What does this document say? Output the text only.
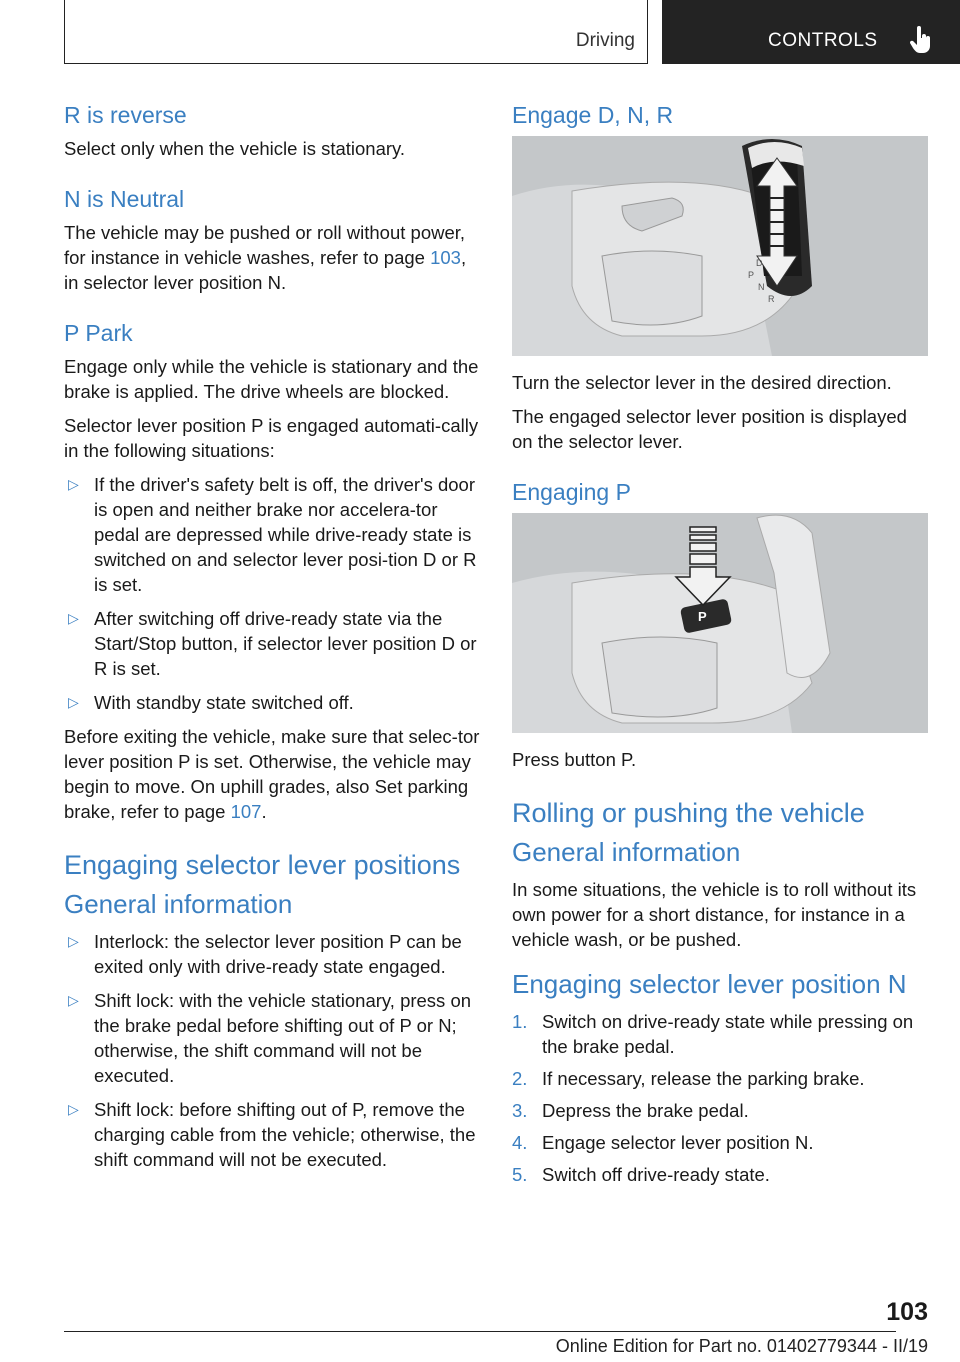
Driving	CONTROLS
R is reverse

Select only when the vehicle is stationary.

N is Neutral

The vehicle may be pushed or roll without power, for instance in vehicle washes, refer to page 103, in selector lever position N.

P Park

Engage only while the vehicle is stationary and the brake is applied. The drive wheels are blocked.

Selector lever position P is engaged automati‐cally in the following situations:

▷ If the driver's safety belt is off, the driver's door is open and neither brake nor accelera‐tor pedal are depressed while drive-ready state is switched on and selector lever posi‐tion D or R is set.
▷ After switching off drive-ready state via the Start/Stop button, if selector lever position D or R is set.
▷ With standby state switched off.

Before exiting the vehicle, make sure that selec‐tor lever position P is set. Otherwise, the vehicle may begin to move. On uphill grades, also Set parking brake, refer to page 107.

Engaging selector lever positions
General information
▷ Interlock: the selector lever position P can be exited only with drive-ready state engaged.
▷ Shift lock: with the vehicle stationary, press on the brake pedal before shifting out of P or N; otherwise, the shift command will not be executed.
▷ Shift lock: before shifting out of P, remove the charging cable from the vehicle; otherwise, the shift command will not be executed.
Engage D, N, R
D
P
N
R

Turn the selector lever in the desired direction.

The engaged selector lever position is displayed on the selector lever.

Engaging P
P

Press button P.

Rolling or pushing the vehicle
General information

In some situations, the vehicle is to roll without its own power for a short distance, for instance in a vehicle wash, or be pushed.

Engaging selector lever position N
1. Switch on drive-ready state while pressing on the brake pedal.
2. If necessary, release the parking brake.
3. Depress the brake pedal.
4. Engage selector lever position N.
5. Switch off drive-ready state.
103
Online Edition for Part no. 01402779344 - II/19
